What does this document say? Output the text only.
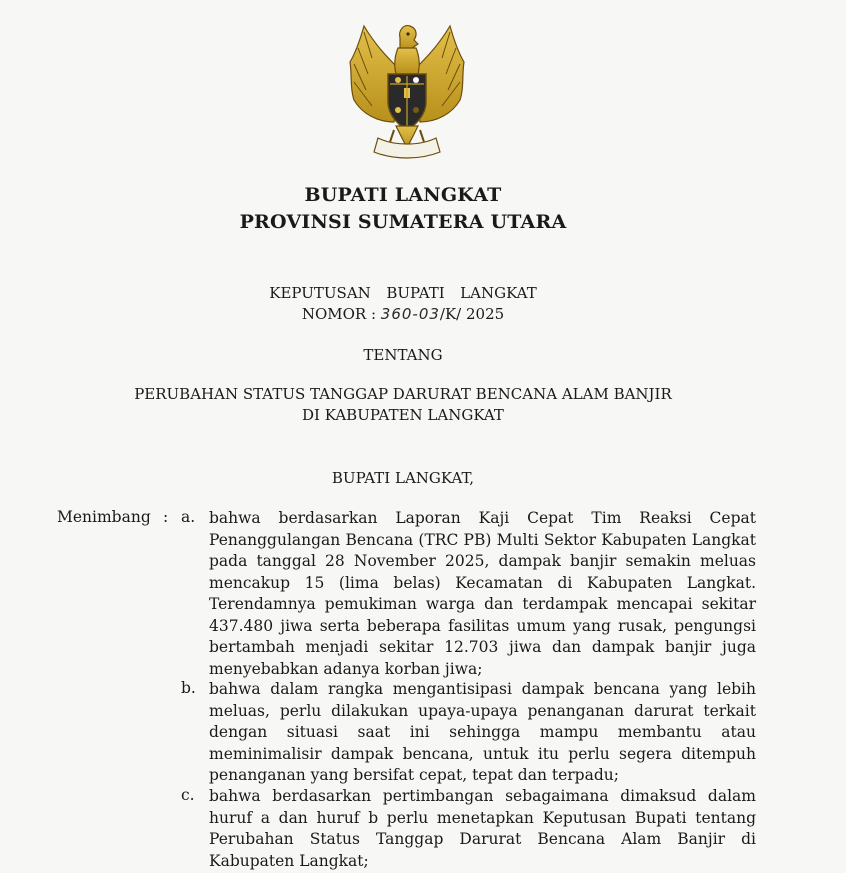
BUPATI LANGKAT
PROVINSI SUMATERA UTARA
KEPUTUSAN  BUPATI  LANGKAT
NOMOR : 360-03/K/ 2025
TENTANG
PERUBAHAN STATUS TANGGAP DARURAT BENCANA ALAM BANJIR
DI KABUPATEN LANGKAT
BUPATI LANGKAT,
Menimbang : a. bahwa berdasarkan Laporan Kaji Cepat Tim Reaksi Cepat Penanggulangan Bencana (TRC PB) Multi Sektor Kabupaten Langkat pada tanggal 28 November 2025, dampak banjir semakin meluas mencakup 15 (lima belas) Kecamatan di Kabupaten Langkat. Terendamnya pemukiman warga dan terdampak mencapai sekitar 437.480 jiwa serta beberapa fasilitas umum yang rusak, pengungsi bertambah menjadi sekitar 12.703 jiwa dan dampak banjir juga menyebabkan adanya korban jiwa;

b. bahwa dalam rangka mengantisipasi dampak bencana yang lebih meluas, perlu dilakukan upaya-upaya penanganan darurat terkait dengan situasi saat ini sehingga mampu membantu atau meminimalisir dampak bencana, untuk itu perlu segera ditempuh penanganan yang bersifat cepat, tepat dan terpadu;

c. bahwa berdasarkan pertimbangan sebagaimana dimaksud dalam huruf a dan huruf b perlu menetapkan Keputusan Bupati tentang Perubahan Status Tanggap Darurat Bencana Alam Banjir di Kabupaten Langkat;
